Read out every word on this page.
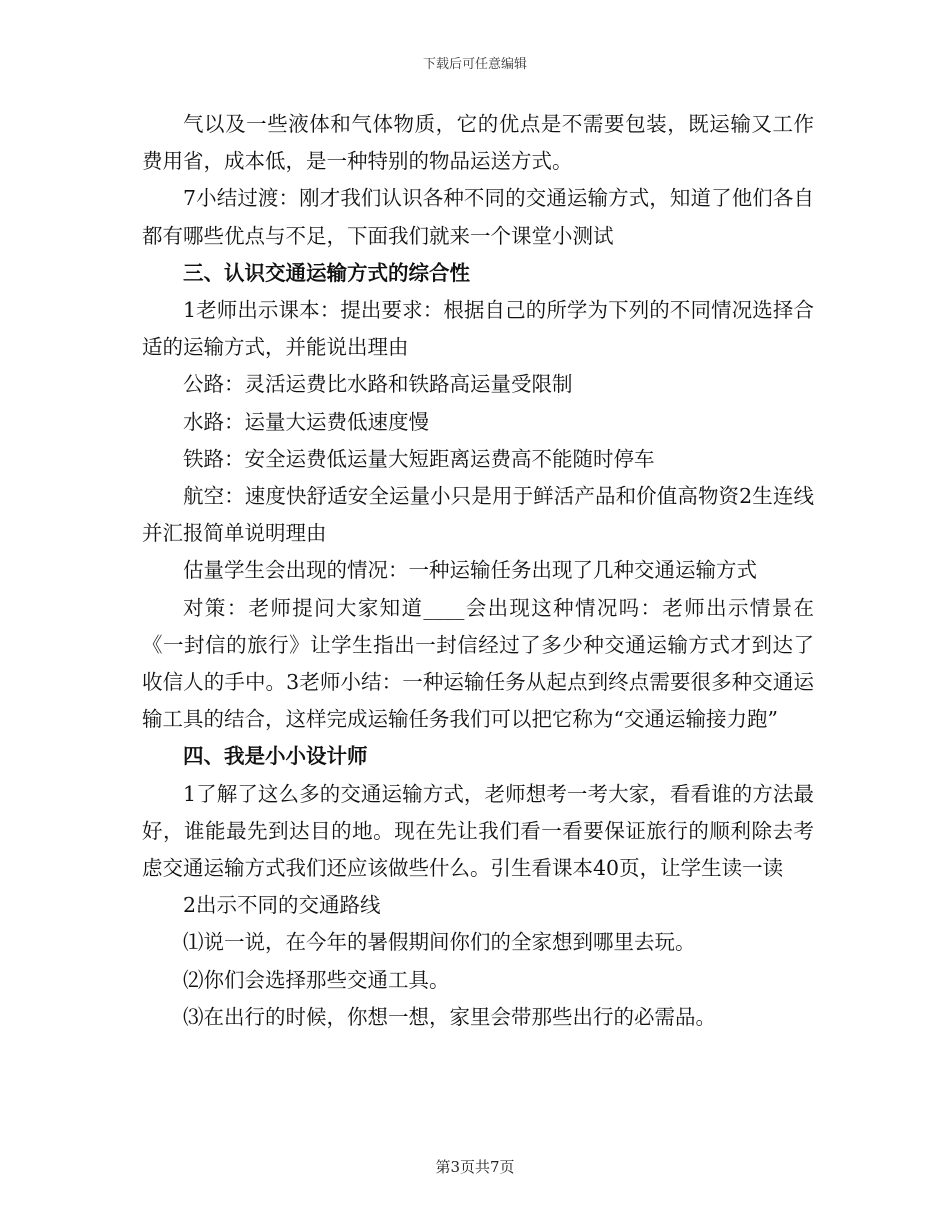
下载后可任意编辑

气以及一些液体和气体物质，它的优点是不需要包装，既运输又工作费用省，成本低，是一种特别的物品运送方式。

7小结过渡：刚才我们认识各种不同的交通运输方式，知道了他们各自都有哪些优点与不足，下面我们就来一个课堂小测试

三、认识交通运输方式的综合性

1老师出示课本：提出要求：根据自己的所学为下列的不同情况选择合适的运输方式，并能说出理由

公路：灵活运费比水路和铁路高运量受限制

水路：运量大运费低速度慢

铁路：安全运费低运量大短距离运费高不能随时停车

航空：速度快舒适安全运量小只是用于鲜活产品和价值高物资2生连线并汇报简单说明理由

估量学生会出现的情况：一种运输任务出现了几种交通运输方式

对策：老师提问大家知道____会出现这种情况吗：老师出示情景在《一封信的旅行》让学生指出一封信经过了多少种交通运输方式才到达了收信人的手中。3老师小结：一种运输任务从起点到终点需要很多种交通运输工具的结合，这样完成运输任务我们可以把它称为“交通运输接力跑”

四、我是小小设计师

1了解了这么多的交通运输方式，老师想考一考大家，看看谁的方法最好，谁能最先到达目的地。现在先让我们看一看要保证旅行的顺利除去考虑交通运输方式我们还应该做些什么。引生看课本40页，让学生读一读

2出示不同的交通路线

⑴说一说，在今年的暑假期间你们的全家想到哪里去玩。

⑵你们会选择那些交通工具。

⑶在出行的时候，你想一想，家里会带那些出行的必需品。

第3页共7页
